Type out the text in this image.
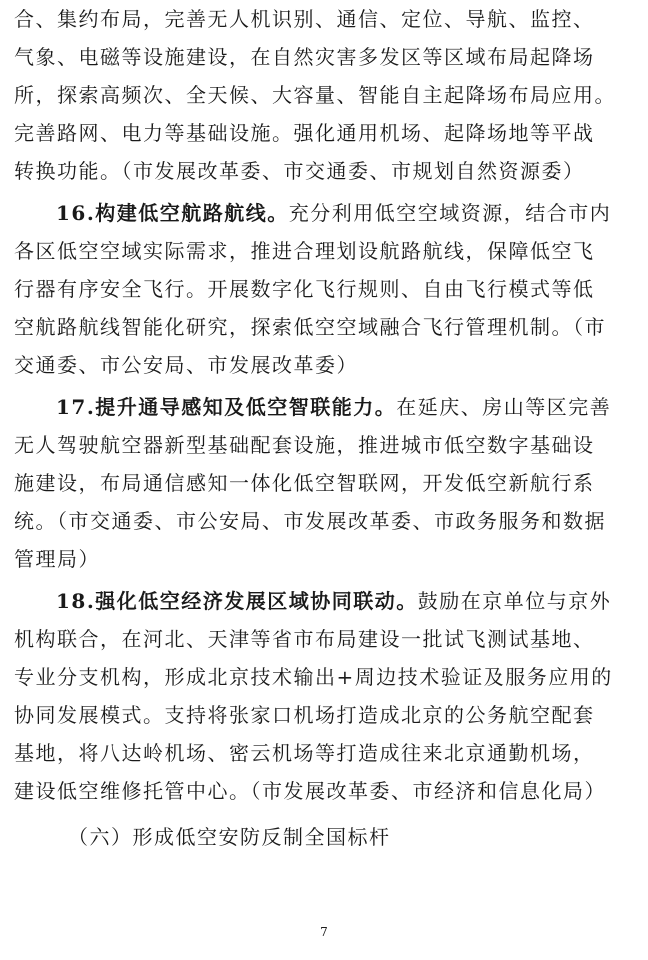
合、集约布局，完善无人机识别、通信、定位、导航、监控、
气象、电磁等设施建设，在自然灾害多发区等区域布局起降场
所，探索高频次、全天候、大容量、智能自主起降场布局应用。
完善路网、电力等基础设施。强化通用机场、起降场地等平战
转换功能。（市发展改革委、市交通委、市规划自然资源委）
16.构建低空航路航线。充分利用低空空域资源，结合市内
各区低空空域实际需求，推进合理划设航路航线，保障低空飞
行器有序安全飞行。开展数字化飞行规则、自由飞行模式等低
空航路航线智能化研究，探索低空空域融合飞行管理机制。（市
交通委、市公安局、市发展改革委）
17.提升通导感知及低空智联能力。在延庆、房山等区完善
无人驾驶航空器新型基础配套设施，推进城市低空数字基础设
施建设，布局通信感知一体化低空智联网，开发低空新航行系
统。（市交通委、市公安局、市发展改革委、市政务服务和数据
管理局）
18.强化低空经济发展区域协同联动。鼓励在京单位与京外
机构联合，在河北、天津等省市布局建设一批试飞测试基地、
专业分支机构，形成北京技术输出+周边技术验证及服务应用的
协同发展模式。支持将张家口机场打造成北京的公务航空配套
基地，将八达岭机场、密云机场等打造成往来北京通勤机场，
建设低空维修托管中心。（市发展改革委、市经济和信息化局）
（六）形成低空安防反制全国标杆
7
